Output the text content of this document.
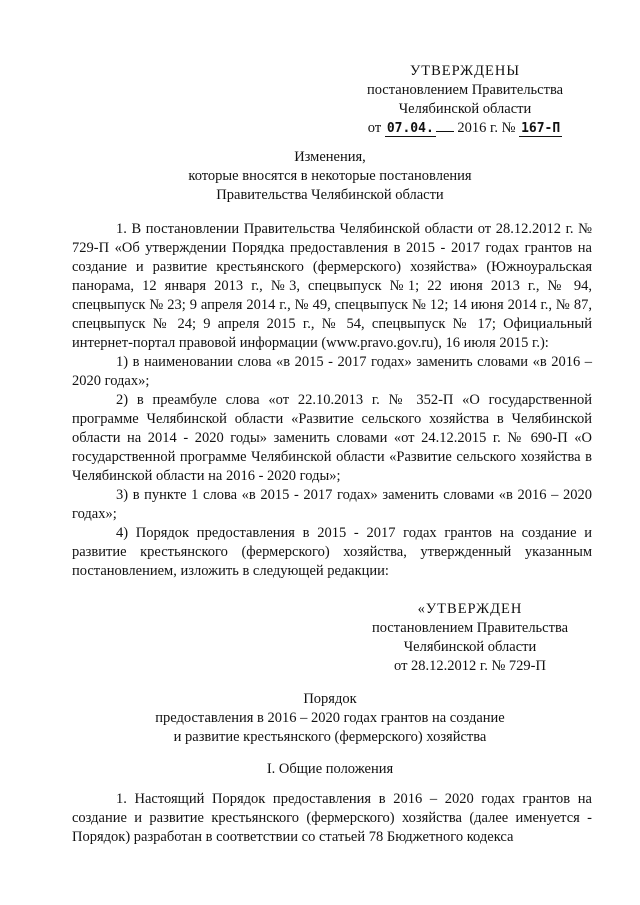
УТВЕРЖДЕНЫ
постановлением Правительства
Челябинской области
от 07.04. 2016 г. № 167-П
Изменения,
которые вносятся в некоторые постановления
Правительства Челябинской области

1. В постановлении Правительства Челябинской области от 28.12.2012 г. № 729-П «Об утверждении Порядка предоставления в 2015 - 2017 годах грантов на создание и развитие крестьянского (фермерского) хозяйства» (Южноуральская панорама, 12 января 2013 г., №3, спецвыпуск №1; 22 июня 2013 г., № 94, спецвыпуск № 23; 9 апреля 2014 г., № 49, спецвыпуск № 12; 14 июня 2014 г., № 87, спецвыпуск № 24; 9 апреля 2015 г., № 54, спецвыпуск № 17; Официальный интернет-портал правовой информации (www.pravo.gov.ru), 16 июля 2015 г.):

1) в наименовании слова «в 2015 - 2017 годах» заменить словами «в 2016 – 2020 годах»;

2) в преамбуле слова «от 22.10.2013 г. № 352-П «О государственной программе Челябинской области «Развитие сельского хозяйства в Челябинской области на 2014 - 2020 годы» заменить словами «от 24.12.2015 г. № 690-П «О государственной программе Челябинской области «Развитие сельского хозяйства в Челябинской области на 2016 - 2020 годы»;

3) в пункте 1 слова «в 2015 - 2017 годах» заменить словами «в 2016 – 2020 годах»;

4) Порядок предоставления в 2015 - 2017 годах грантов на создание и развитие крестьянского (фермерского) хозяйства, утвержденный указанным постановлением, изложить в следующей редакции:

«УТВЕРЖДЕН
постановлением Правительства
Челябинской области
от 28.12.2012 г. № 729-П
Порядок
предоставления в 2016 – 2020 годах грантов на создание
и развитие крестьянского (фермерского) хозяйства
I. Общие положения

1. Настоящий Порядок предоставления в 2016 – 2020 годах грантов на создание и развитие крестьянского (фермерского) хозяйства (далее именуется - Порядок) разработан в соответствии со статьей 78 Бюджетного кодекса
